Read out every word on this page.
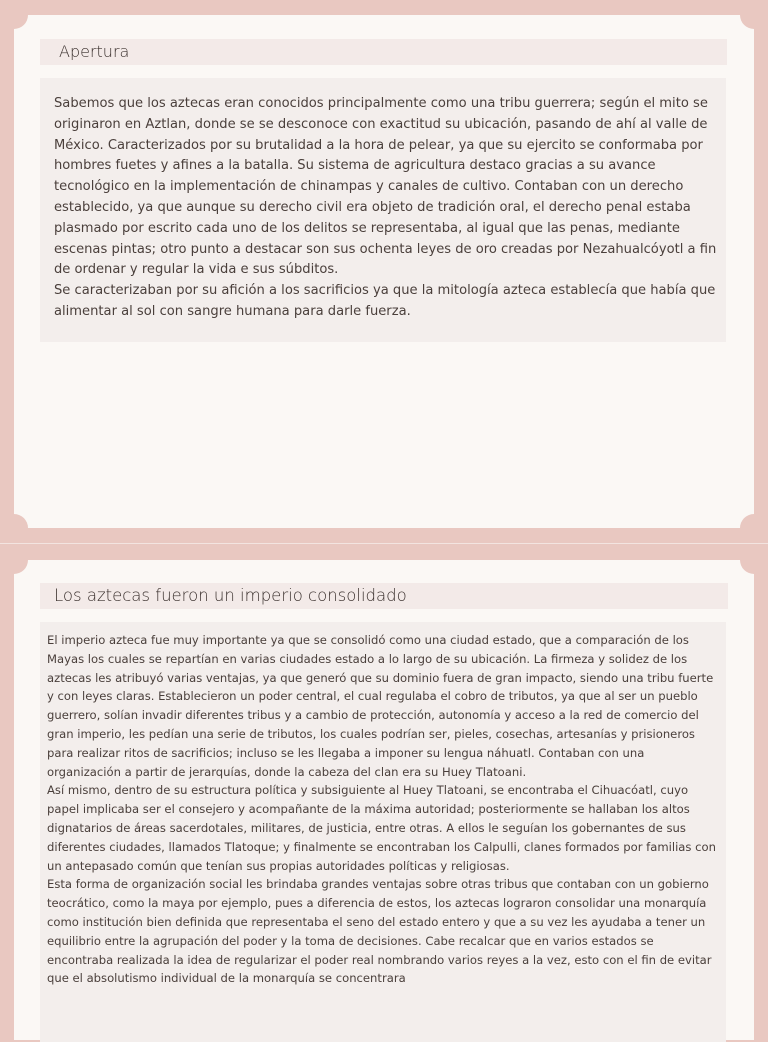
Apertura

Sabemos que los aztecas eran conocidos principalmente como una tribu guerrera; según el mito se originaron en Aztlan, donde se se desconoce con exactitud su ubicación, pasando de ahí al valle de México. Caracterizados por su brutalidad a la hora de pelear, ya que su ejercito se conformaba por hombres fuetes y afines a la batalla. Su sistema de agricultura destaco gracias a su avance tecnológico en la implementación de chinampas y canales de cultivo. Contaban con un derecho establecido, ya que aunque su derecho civil era objeto de tradición oral, el derecho penal estaba plasmado por escrito cada uno de los delitos se representaba, al igual que las penas, mediante escenas pintas; otro punto a destacar son sus ochenta leyes de oro creadas por Nezahualcóyotl a fin de ordenar y regular la vida e sus súbditos.

Se caracterizaban por su afición a los sacrificios ya que la mitología azteca establecía que había que alimentar al sol con sangre humana para darle fuerza.

Los aztecas fueron un imperio consolidado

El imperio azteca fue muy importante ya que se consolidó como una ciudad estado, que a comparación de los Mayas los cuales se repartían en varias ciudades estado a lo largo de su ubicación. La firmeza y solidez de los aztecas les atribuyó varias ventajas, ya que generó que su dominio fuera de gran impacto, siendo una tribu fuerte y con leyes claras. Establecieron un poder central, el cual regulaba el cobro de tributos, ya que al ser un pueblo guerrero, solían invadir diferentes tribus y a cambio de protección, autonomía y acceso a la red de comercio del gran imperio, les pedían una serie de tributos, los cuales podrían ser, pieles, cosechas, artesanías y prisioneros para realizar ritos de sacrificios; incluso se les llegaba a imponer su lengua náhuatl. Contaban con una organización a partir de jerarquías, donde la cabeza del clan era su Huey Tlatoani.

Así mismo, dentro de su estructura política y subsiguiente al Huey Tlatoani, se encontraba el Cihuacóatl, cuyo papel implicaba ser el consejero y acompañante de la máxima autoridad; posteriormente se hallaban los altos dignatarios de áreas sacerdotales, militares, de justicia, entre otras. A ellos le seguían los gobernantes de sus diferentes ciudades, llamados Tlatoque; y finalmente se encontraban los Calpulli, clanes formados por familias con un antepasado común que tenían sus propias autoridades políticas y religiosas.

Esta forma de organización social les brindaba grandes ventajas sobre otras tribus que contaban con un gobierno teocrático, como la maya por ejemplo, pues a diferencia de estos, los aztecas lograron consolidar una monarquía como institución bien definida que representaba el seno del estado entero y que a su vez les ayudaba a tener un equilibrio entre la agrupación del poder y la toma de decisiones. Cabe recalcar que en varios estados se encontraba realizada la idea de regularizar el poder real nombrando varios reyes a la vez, esto con el fin de evitar que el absolutismo individual de la monarquía se concentrara
